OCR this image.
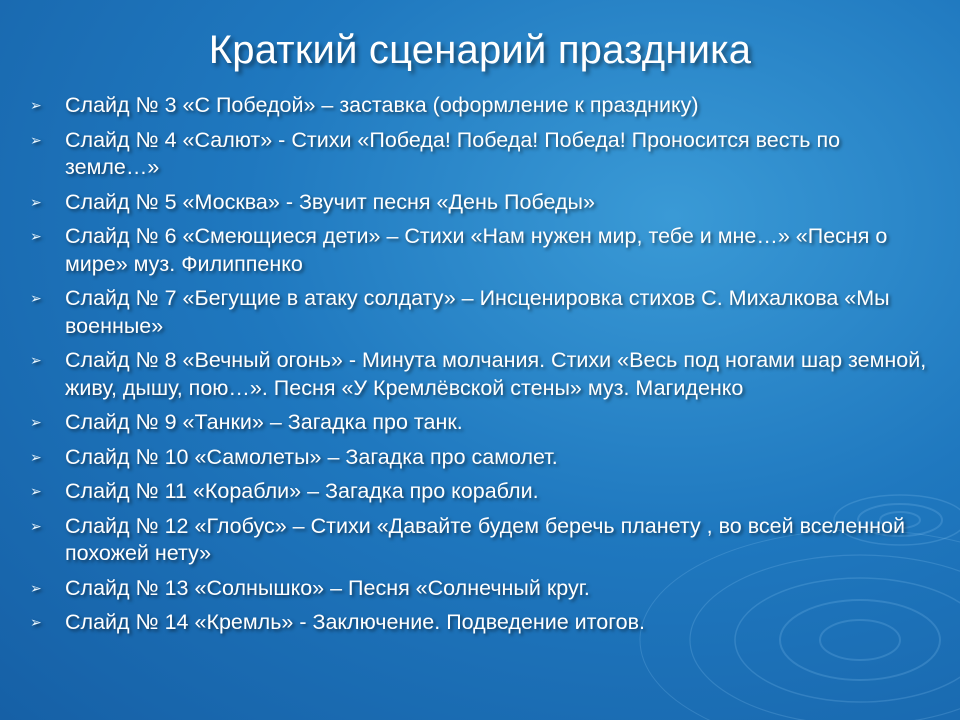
Краткий сценарий праздника
➢ Слайд № 3 «С Победой» – заставка (оформление к празднику)
➢ Слайд № 4 «Салют» - Стихи «Победа! Победа! Победа! Проносится весть по земле…»
➢ Слайд № 5 «Москва» - Звучит песня «День Победы»
➢ Слайд № 6 «Смеющиеся дети» – Стихи «Нам нужен мир, тебе и мне…» «Песня о мире» муз. Филиппенко
➢ Слайд № 7 «Бегущие в атаку солдату» – Инсценировка стихов С. Михалкова «Мы военные»
➢ Слайд № 8 «Вечный огонь» - Минута молчания. Стихи «Весь под ногами шар земной, живу, дышу, пою…». Песня «У Кремлёвской стены» муз. Магиденко
➢ Слайд № 9 «Танки» – Загадка про танк.
➢ Слайд № 10 «Самолеты» – Загадка про самолет.
➢ Слайд № 11 «Корабли» – Загадка про корабли.
➢ Слайд № 12 «Глобус» – Стихи «Давайте будем беречь планету , во всей вселенной похожей нету»
➢ Слайд № 13 «Солнышко» – Песня «Солнечный круг.
➢ Слайд № 14 «Кремль» - Заключение. Подведение итогов.
